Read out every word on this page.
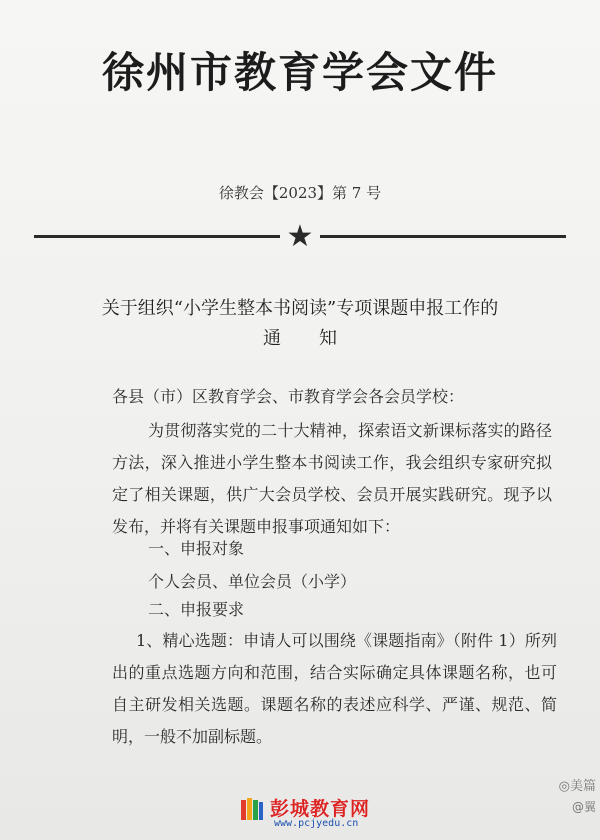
徐州市教育学会文件
徐教会【2023】第 7 号
★
关于组织“小学生整本书阅读”专项课题申报工作的
通知
各县（市）区教育学会、市教育学会各会员学校：
为贯彻落实党的二十大精神，探索语文新课标落实的路径方法，深入推进小学生整本书阅读工作，我会组织专家研究拟定了相关课题，供广大会员学校、会员开展实践研究。现予以发布，并将有关课题申报事项通知如下：
一、申报对象
个人会员、单位会员（小学）
二、申报要求
1、精心选题：申请人可以围绕《课题指南》（附件 1）所列出的重点选题方向和范围，结合实际确定具体课题名称，也可自主研发相关选题。课题名称的表述应科学、严谨、规范、简明，一般不加副标题。
◎美篇
@翼
彭城教育网
www.pcjyedu.cn
